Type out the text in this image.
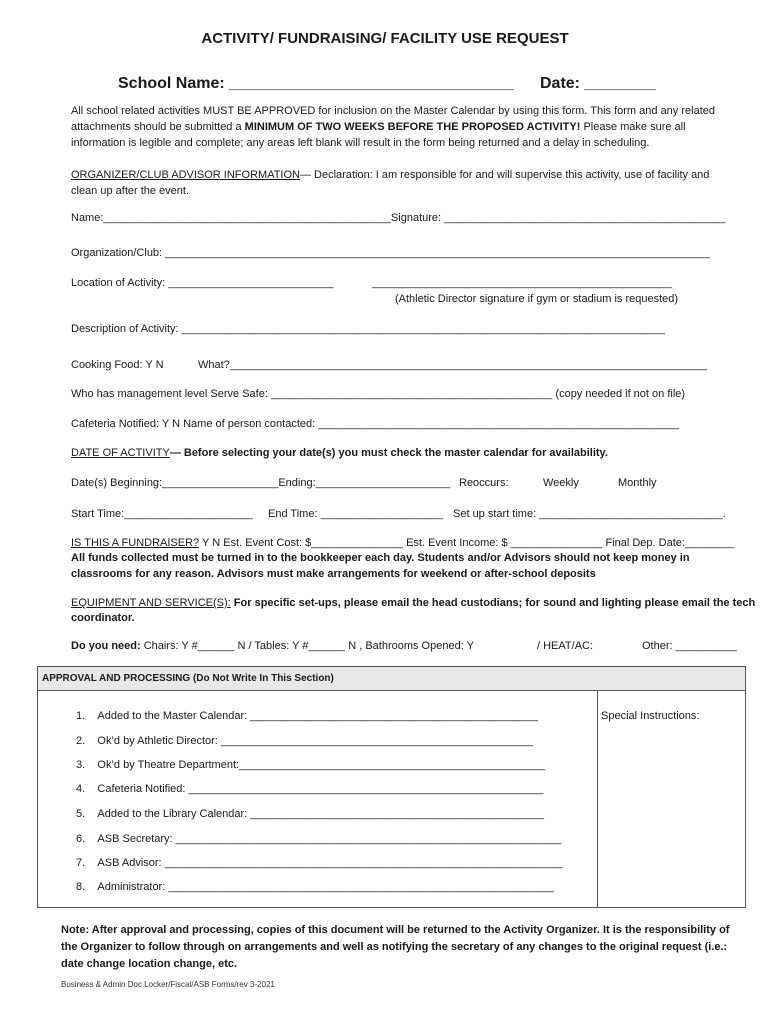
ACTIVITY/ FUNDRAISING/ FACILITY USE REQUEST
School Name: ________________________________ Date: ________
All school related activities MUST BE APPROVED for inclusion on the Master Calendar by using this form. This form and any related attachments should be submitted a MINIMUM OF TWO WEEKS BEFORE THE PROPOSED ACTIVITY! Please make sure all information is legible and complete; any areas left blank will result in the form being returned and a delay in scheduling.
ORGANIZER/CLUB ADVISOR INFORMATION— Declaration: I am responsible for and will supervise this activity, use of facility and clean up after the event.
Name:_______________________________________________Signature: ______________________________________________
Organization/Club: _________________________________________________________________________________________
Location of Activity: ___________________________	_________________________________________________
(Athletic Director signature if gym or stadium is requested)
Description of Activity: _______________________________________________________________________________
Cooking Food: Y N	What?______________________________________________________________________________
Who has management level Serve Safe: ______________________________________________ (copy needed if not on file)
Cafeteria Notified: Y N Name of person contacted: ___________________________________________________________
DATE OF ACTIVITY— Before selecting your date(s) you must check the master calendar for availability.
Date(s) Beginning:___________________Ending:______________________ Reoccurs:	Weekly	Monthly
Start Time:_____________________ End Time: ____________________ Set up start time: ______________________________.
IS THIS A FUNDRAISER? Y N Est. Event Cost: $_______________ Est. Event Income: $ _______________ Final Dep. Date:________
All funds collected must be turned in to the bookkeeper each day. Students and/or Advisors should not keep money in
classrooms for any reason. Advisors must make arrangements for weekend or after-school deposits
EQUIPMENT AND SERVICE(S): For specific set-ups, please email the head custodians; for sound and lighting please email the tech
coordinator.
Do you need: Chairs: Y #______ N / Tables: Y #______ N , Bathrooms Opened: Y	/ HEAT/AC:	Other: __________
APPROVAL AND PROCESSING (Do Not Write In This Section)
Special Instructions:
1. Added to the Master Calendar: _______________________________________________
2. Ok’d by Athletic Director: ___________________________________________________
3. Ok’d by Theatre Department:__________________________________________________
4. Cafeteria Notified: __________________________________________________________
5. Added to the Library Calendar: ________________________________________________
6. ASB Secretary: _______________________________________________________________
7. ASB Advisor: _________________________________________________________________
8. Administrator: _______________________________________________________________
Note: After approval and processing, copies of this document will be returned to the Activity Organizer. It is the responsibility of the Organizer to follow through on arrangements and well as notifying the secretary of any changes to the original request (i.e.: date change location change, etc.
Business & Admin Doc Locker/Fiscal/ASB Forms/rev 3-2021
